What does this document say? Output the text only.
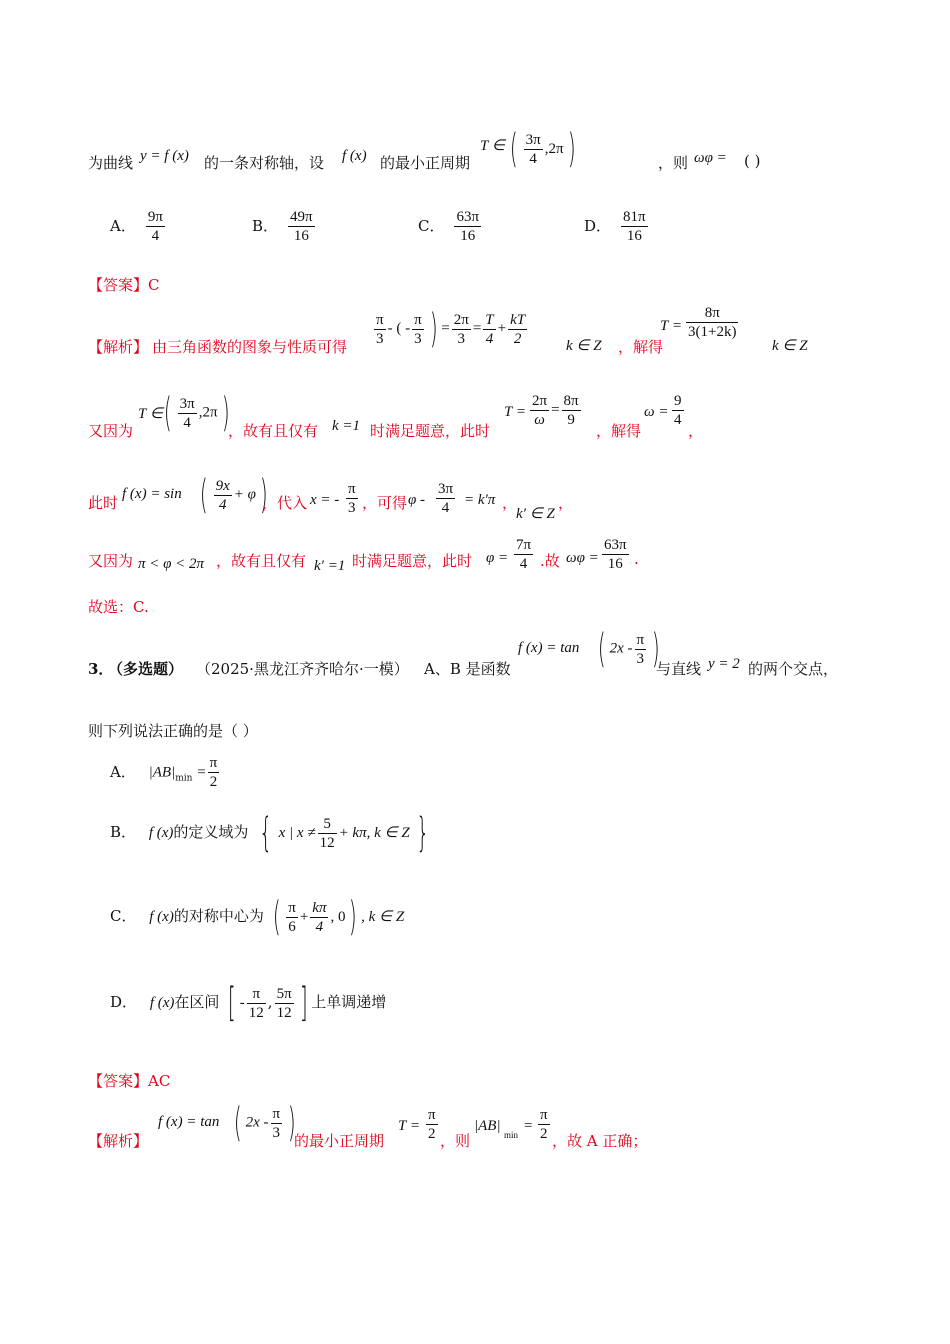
为曲线 y = f (x) 的一条对称轴，设 f (x) 的最小正周期
T ∈ ( $\frac{3\pi}{4} ,2\pi$)	，则 ωφ = ( )
A． $\frac{9\pi}{4}$	B． $\frac{49\pi}{16}$	C． $\frac{63\pi}{16}$	D． $\frac{81\pi}{16}$
【答案】C
【解析】 由三角函数的图象与性质可得 $\frac{\pi}{3}$ - ( - $\frac{\pi}{3}$ ) = $\frac{2\pi}{3} = \frac{T}{4} + \frac{kT}{2}$	k ∈ Z ，解得
$T = \frac{8\pi}{3(1+2k)}$
k ∈ Z
又因为
T ∈ ( $\frac{3\pi}{4} ,2\pi$)
，故有且仅有 k =1 时满足题意，此时
$T = \frac{2\pi}{\omega} = \frac{8\pi}{9}$
，解得
$\omega = \frac{9}{4}$
，
此时 f (x) = sin ( $\frac{9x}{4} + \varphi$)
，代入 x = - $\frac{\pi}{3}$ ，可得 $\varphi - \frac{3\pi}{4} = k'\pi$ ，
k′ ∈ Z
，
又因为 π < φ < 2π ，故有且仅有 k′ =1 时满足题意，此时 $\varphi = \frac{7\pi}{4}$ .故 $\omega\varphi = \frac{63\pi}{16}$ .
故选：C.
3．
（多选题） （2025·黑龙江齐齐哈尔·一模） A、B 是函数
f (x) = tan ( $2x - \frac{\pi}{3}$ )
与直线 y = 2 的两个交点，
则下列说法正确的是（ ）
A． $|AB|_{min} = \frac{\pi}{2}$
B． f (x)的定义域为 { x | $x \ne \frac{5}{12} + k\pi$, k ∈ Z }
C． f (x)的对称中心为 ( $\frac{\pi}{6} + \frac{k\pi}{4}$ , 0) , k ∈ Z
D． f (x)在区间 [ - $\frac{\pi}{12}$ , $\frac{5\pi}{12}$ ] 上单调递增
【答案】AC
【解析】
f (x) = tan ( $2x - \frac{\pi}{3}$ )
的最小正周期
$T = \frac{\pi}{2}$ ，则
|AB|
min
= $\frac{\pi}{2}$ ，故 A 正确；
